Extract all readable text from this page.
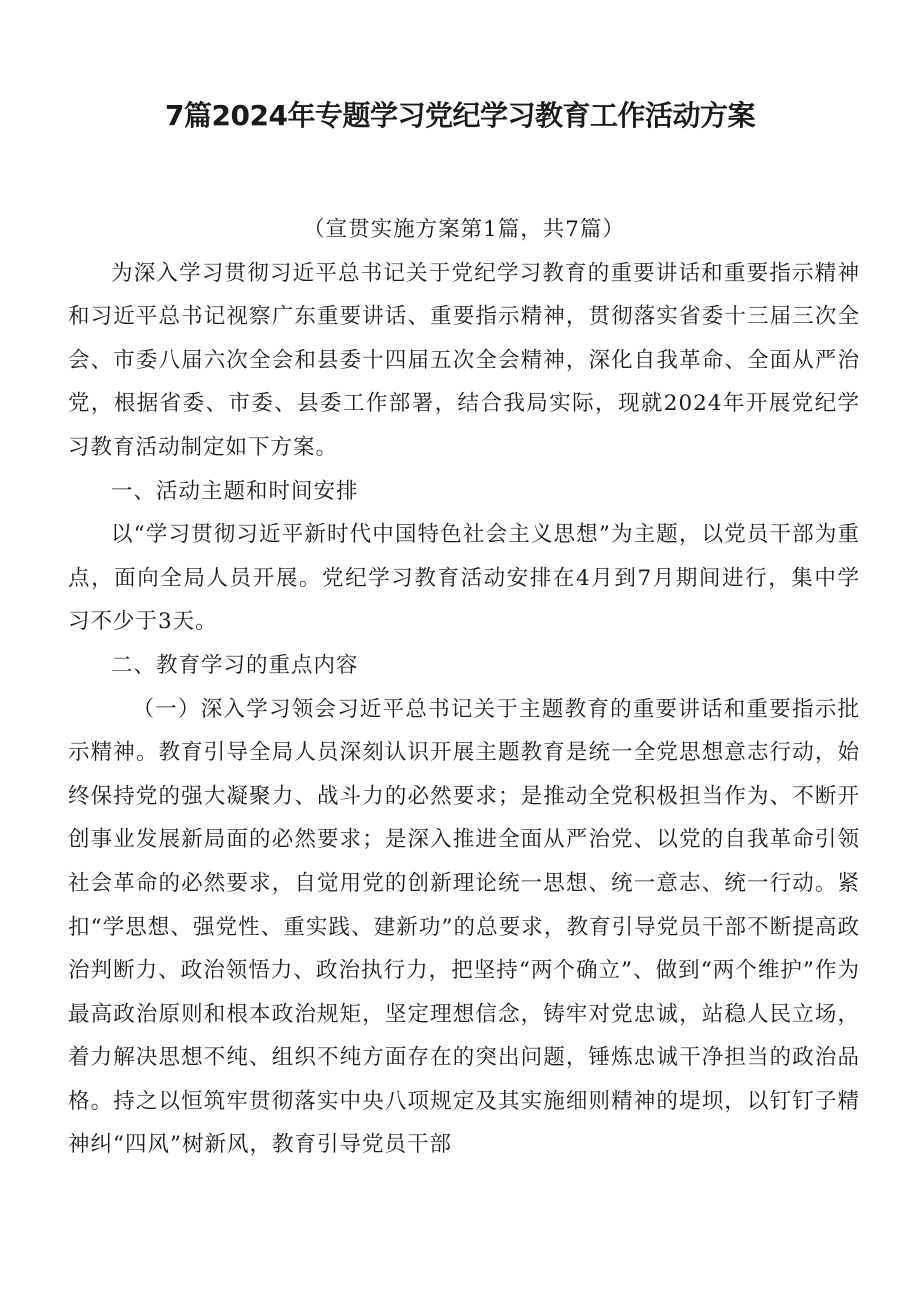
7篇2024年专题学习党纪学习教育工作活动方案

（宣贯实施方案第1篇，共7篇）

为深入学习贯彻习近平总书记关于党纪学习教育的重要讲话和重要指示精神和习近平总书记视察广东重要讲话、重要指示精神，贯彻落实省委十三届三次全会、市委八届六次全会和县委十四届五次全会精神，深化自我革命、全面从严治党，根据省委、市委、县委工作部署，结合我局实际，现就2024年开展党纪学习教育活动制定如下方案。

一、活动主题和时间安排

以“学习贯彻习近平新时代中国特色社会主义思想”为主题，以党员干部为重点，面向全局人员开展。党纪学习教育活动安排在4月到7月期间进行，集中学习不少于3天。

二、教育学习的重点内容

（一）深入学习领会习近平总书记关于主题教育的重要讲话和重要指示批示精神。教育引导全局人员深刻认识开展主题教育是统一全党思想意志行动，始终保持党的强大凝聚力、战斗力的必然要求；是推动全党积极担当作为、不断开创事业发展新局面的必然要求；是深入推进全面从严治党、以党的自我革命引领社会革命的必然要求，自觉用党的创新理论统一思想、统一意志、统一行动。紧扣“学思想、强党性、重实践、建新功”的总要求，教育引导党员干部不断提高政治判断力、政治领悟力、政治执行力，把坚持“两个确立”、做到“两个维护”作为最高政治原则和根本政治规矩，坚定理想信念，铸牢对党忠诚，站稳人民立场，着力解决思想不纯、组织不纯方面存在的突出问题，锤炼忠诚干净担当的政治品格。持之以恒筑牢贯彻落实中央八项规定及其实施细则精神的堤坝，以钉钉子精神纠“四风”树新风，教育引导党员干部
